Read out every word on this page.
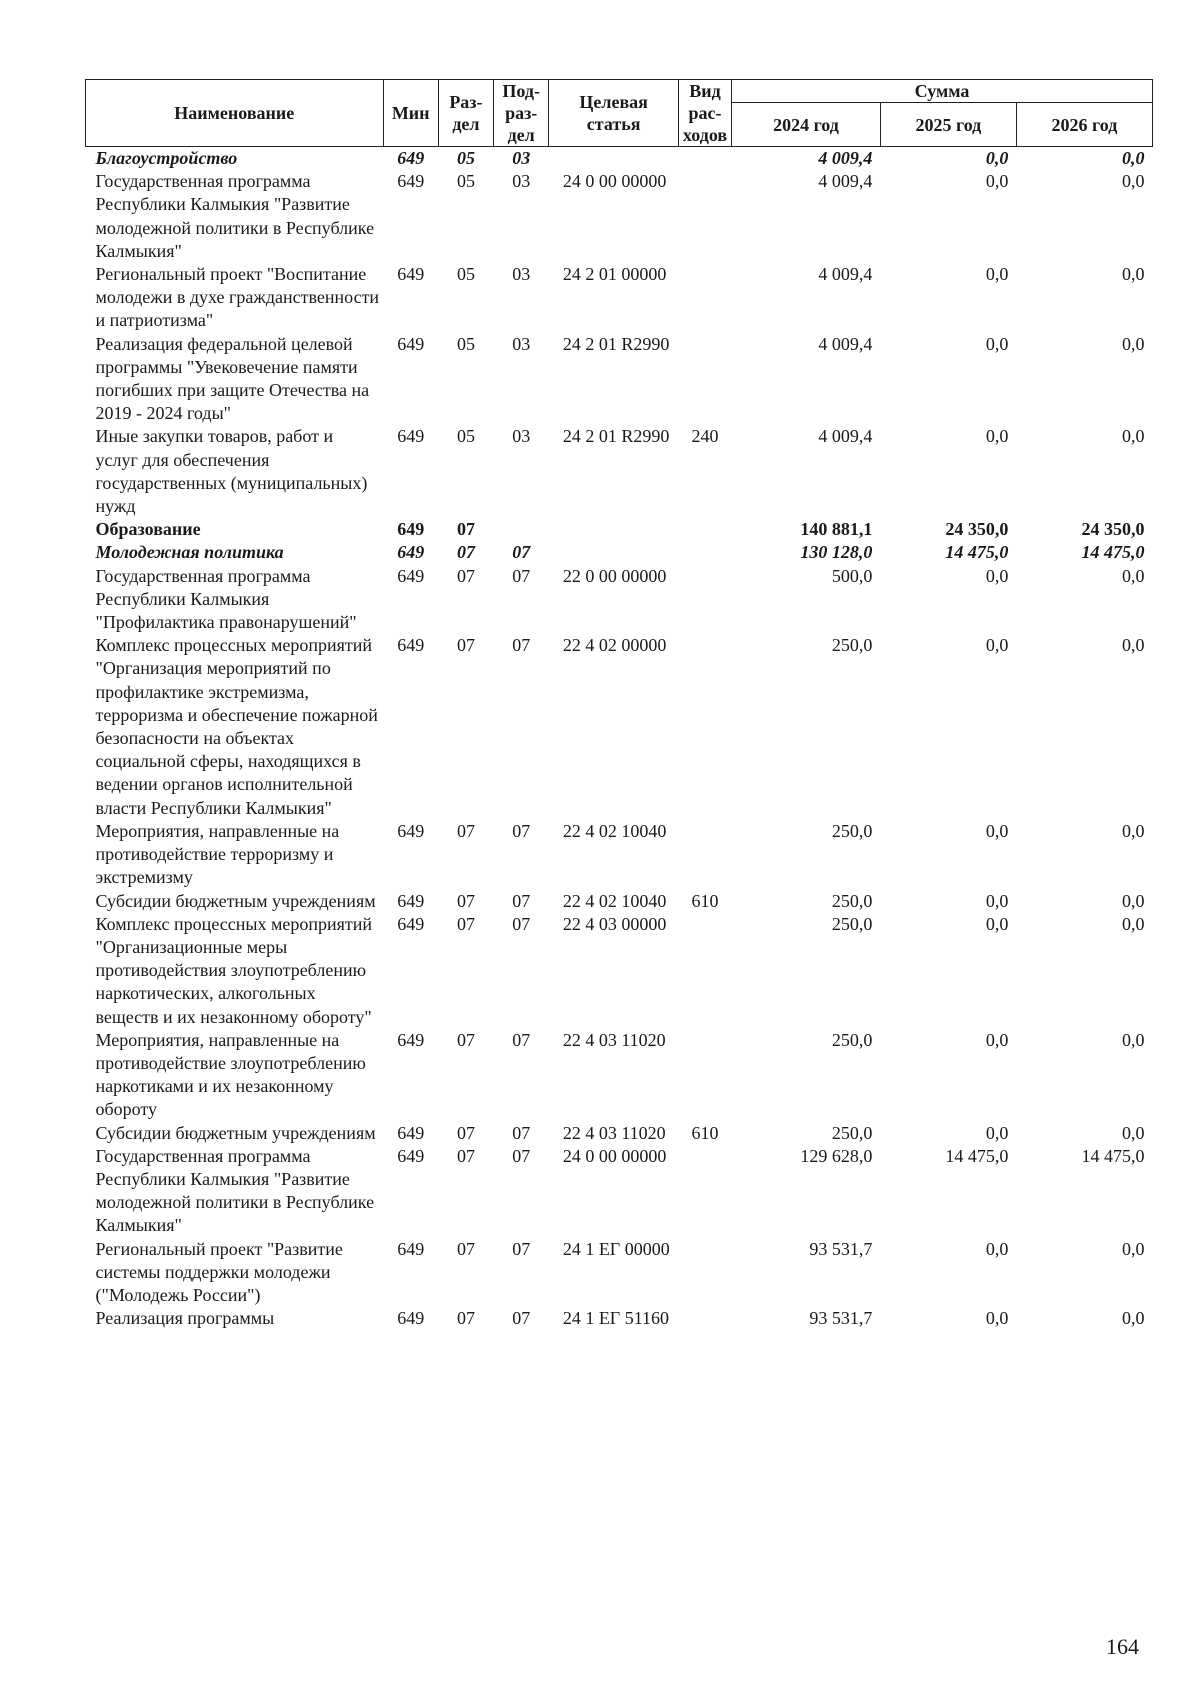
Наименование	Мин	Раз-дел	Под-раз-дел	Целевая статья	Вид рас-ходов	Сумма		
						2024 год	2025 год	2026 год
Благоустройство	649	05	03			4 009,4	0,0	0,0
Государственная программа Республики Калмыкия "Развитие молодежной политики в Республике Калмыкия"	649	05	03	24 0 00 00000		4 009,4	0,0	0,0
Региональный проект "Воспитание молодежи в духе гражданственности и патриотизма"	649	05	03	24 2 01 00000		4 009,4	0,0	0,0
Реализация федеральной целевой программы "Увековечение памяти погибших при защите Отечества на 2019 - 2024 годы"	649	05	03	24 2 01 R2990		4 009,4	0,0	0,0
Иные закупки товаров, работ и услуг для обеспечения государственных (муниципальных) нужд	649	05	03	24 2 01 R2990	240	4 009,4	0,0	0,0
Образование	649	07				140 881,1	24 350,0	24 350,0
Молодежная политика	649	07	07			130 128,0	14 475,0	14 475,0
Государственная программа Республики Калмыкия "Профилактика правонарушений"	649	07	07	22 0 00 00000		500,0	0,0	0,0
Комплекс процессных мероприятий "Организация мероприятий по профилактике экстремизма, терроризма и обеспечение пожарной безопасности на объектах социальной сферы, находящихся в ведении органов исполнительной власти Республики Калмыкия"	649	07	07	22 4 02 00000		250,0	0,0	0,0
Мероприятия, направленные на противодействие терроризму и экстремизму	649	07	07	22 4 02 10040		250,0	0,0	0,0
Субсидии бюджетным учреждениям	649	07	07	22 4 02 10040	610	250,0	0,0	0,0
Комплекс процессных мероприятий "Организационные меры противодействия злоупотреблению наркотических, алкогольных веществ и их незаконному обороту"	649	07	07	22 4 03 00000		250,0	0,0	0,0
Мероприятия, направленные на противодействие злоупотреблению наркотиками и их незаконному обороту	649	07	07	22 4 03 11020		250,0	0,0	0,0
Субсидии бюджетным учреждениям	649	07	07	22 4 03 11020	610	250,0	0,0	0,0
Государственная программа Республики Калмыкия "Развитие молодежной политики в Республике Калмыкия"	649	07	07	24 0 00 00000		129 628,0	14 475,0	14 475,0
Региональный проект "Развитие системы поддержки молодежи ("Молодежь России")	649	07	07	24 1 ЕГ 00000		93 531,7	0,0	0,0
Реализация программы	649	07	07	24 1 ЕГ 51160		93 531,7	0,0	0,0
164
